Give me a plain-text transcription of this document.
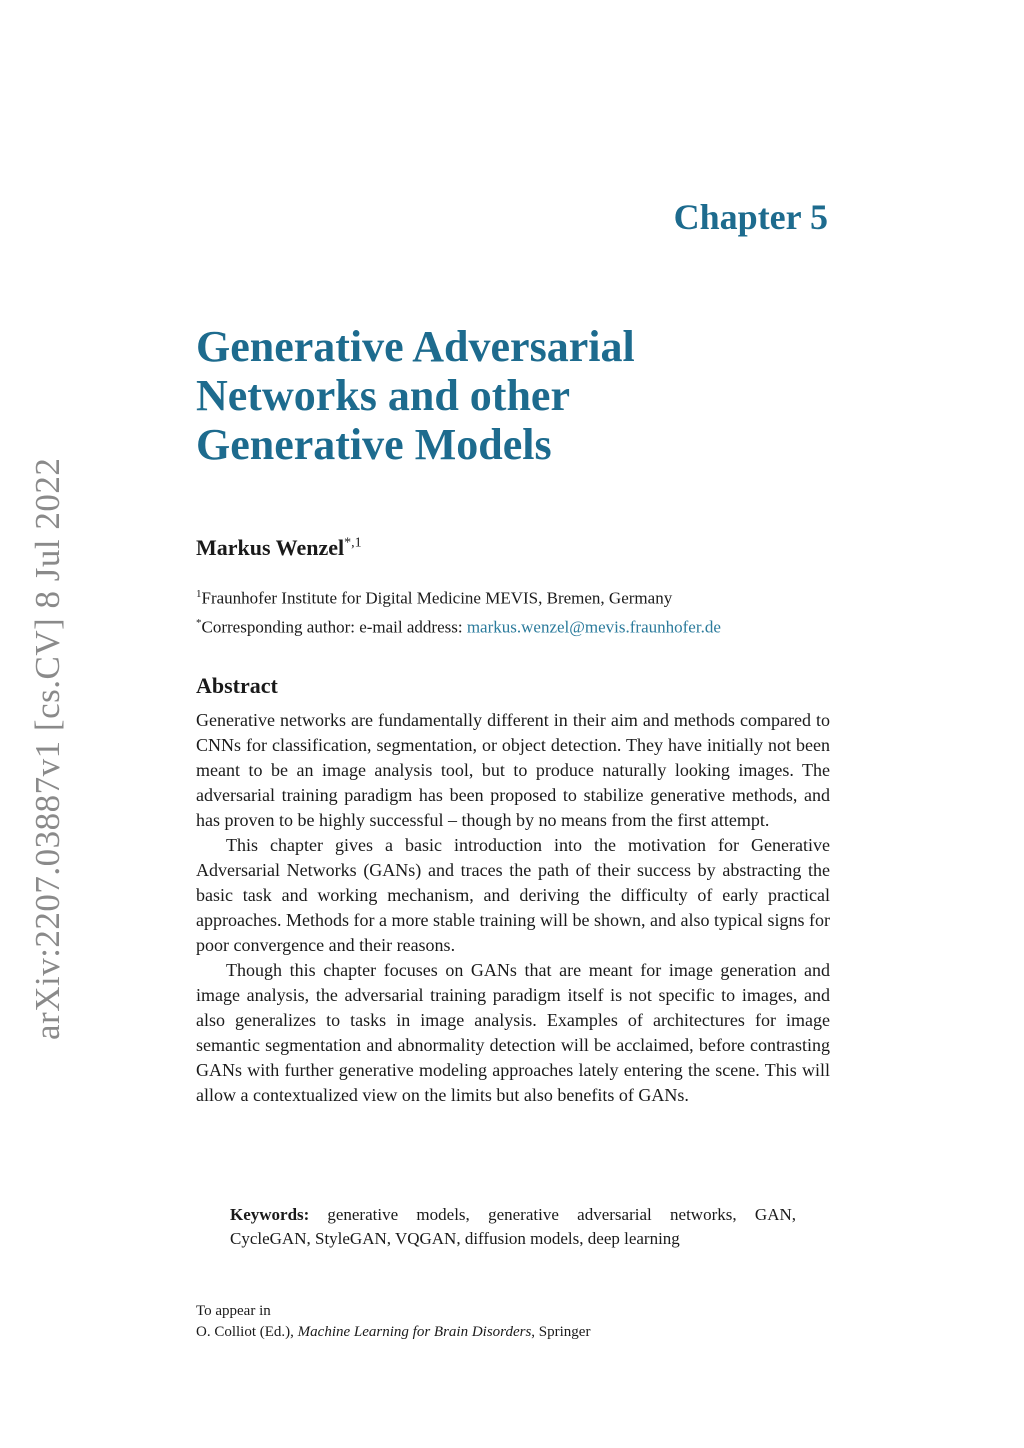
arXiv:2207.03887v1 [cs.CV] 8 Jul 2022
Chapter 5
Generative Adversarial
Networks and other
Generative Models
Markus Wenzel$^{*,1}$
$^1$Fraunhofer Institute for Digital Medicine MEVIS, Bremen, Germany
*Corresponding author: e-mail address: markus.wenzel@mevis.fraunhofer.de
Abstract

Generative networks are fundamentally different in their aim and methods compared to CNNs for classification, segmentation, or object detection. They have initially not been meant to be an image analysis tool, but to produce naturally looking images. The adversarial training paradigm has been proposed to stabilize generative methods, and has proven to be highly successful – though by no means from the first attempt.

This chapter gives a basic introduction into the motivation for Generative Adversarial Networks (GANs) and traces the path of their success by abstracting the basic task and working mechanism, and deriving the difficulty of early practical approaches. Methods for a more stable training will be shown, and also typical signs for poor convergence and their reasons.

Though this chapter focuses on GANs that are meant for image generation and image analysis, the adversarial training paradigm itself is not specific to images, and also generalizes to tasks in image analysis. Examples of architectures for image semantic segmentation and abnormality detection will be acclaimed, before contrasting GANs with further generative modeling approaches lately entering the scene. This will allow a contextualized view on the limits but also benefits of GANs.

Keywords: generative models, generative adversarial networks, GAN, CycleGAN, StyleGAN, VQGAN, diffusion models, deep learning
To appear in
O. Colliot (Ed.), Machine Learning for Brain Disorders, Springer
